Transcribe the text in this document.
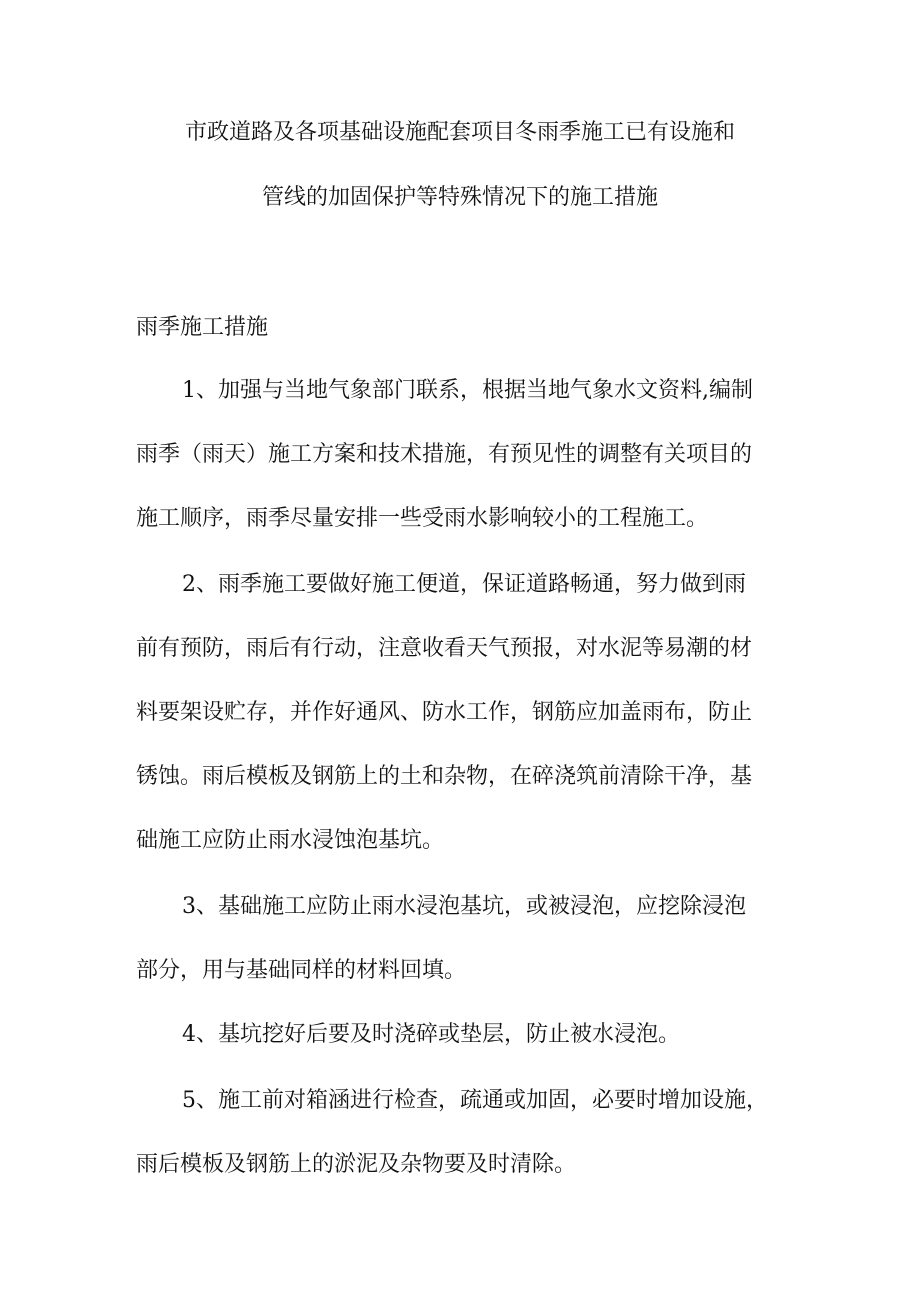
市政道路及各项基础设施配套项目冬雨季施工已有设施和
管线的加固保护等特殊情况下的施工措施
雨季施工措施
1、加强与当地气象部门联系，根据当地气象水文资料,编制
雨季（雨天）施工方案和技术措施，有预见性的调整有关项目的
施工顺序，雨季尽量安排一些受雨水影响较小的工程施工。
2、雨季施工要做好施工便道，保证道路畅通，努力做到雨
前有预防，雨后有行动，注意收看天气预报，对水泥等易潮的材
料要架设贮存，并作好通风、防水工作，钢筋应加盖雨布，防止
锈蚀。雨后模板及钢筋上的土和杂物，在碎浇筑前清除干净，基
础施工应防止雨水浸蚀泡基坑。
3、基础施工应防止雨水浸泡基坑，或被浸泡，应挖除浸泡
部分，用与基础同样的材料回填。
4、基坑挖好后要及时浇碎或垫层，防止被水浸泡。
5、施工前对箱涵进行检查，疏通或加固，必要时增加设施，
雨后模板及钢筋上的淤泥及杂物要及时清除。
